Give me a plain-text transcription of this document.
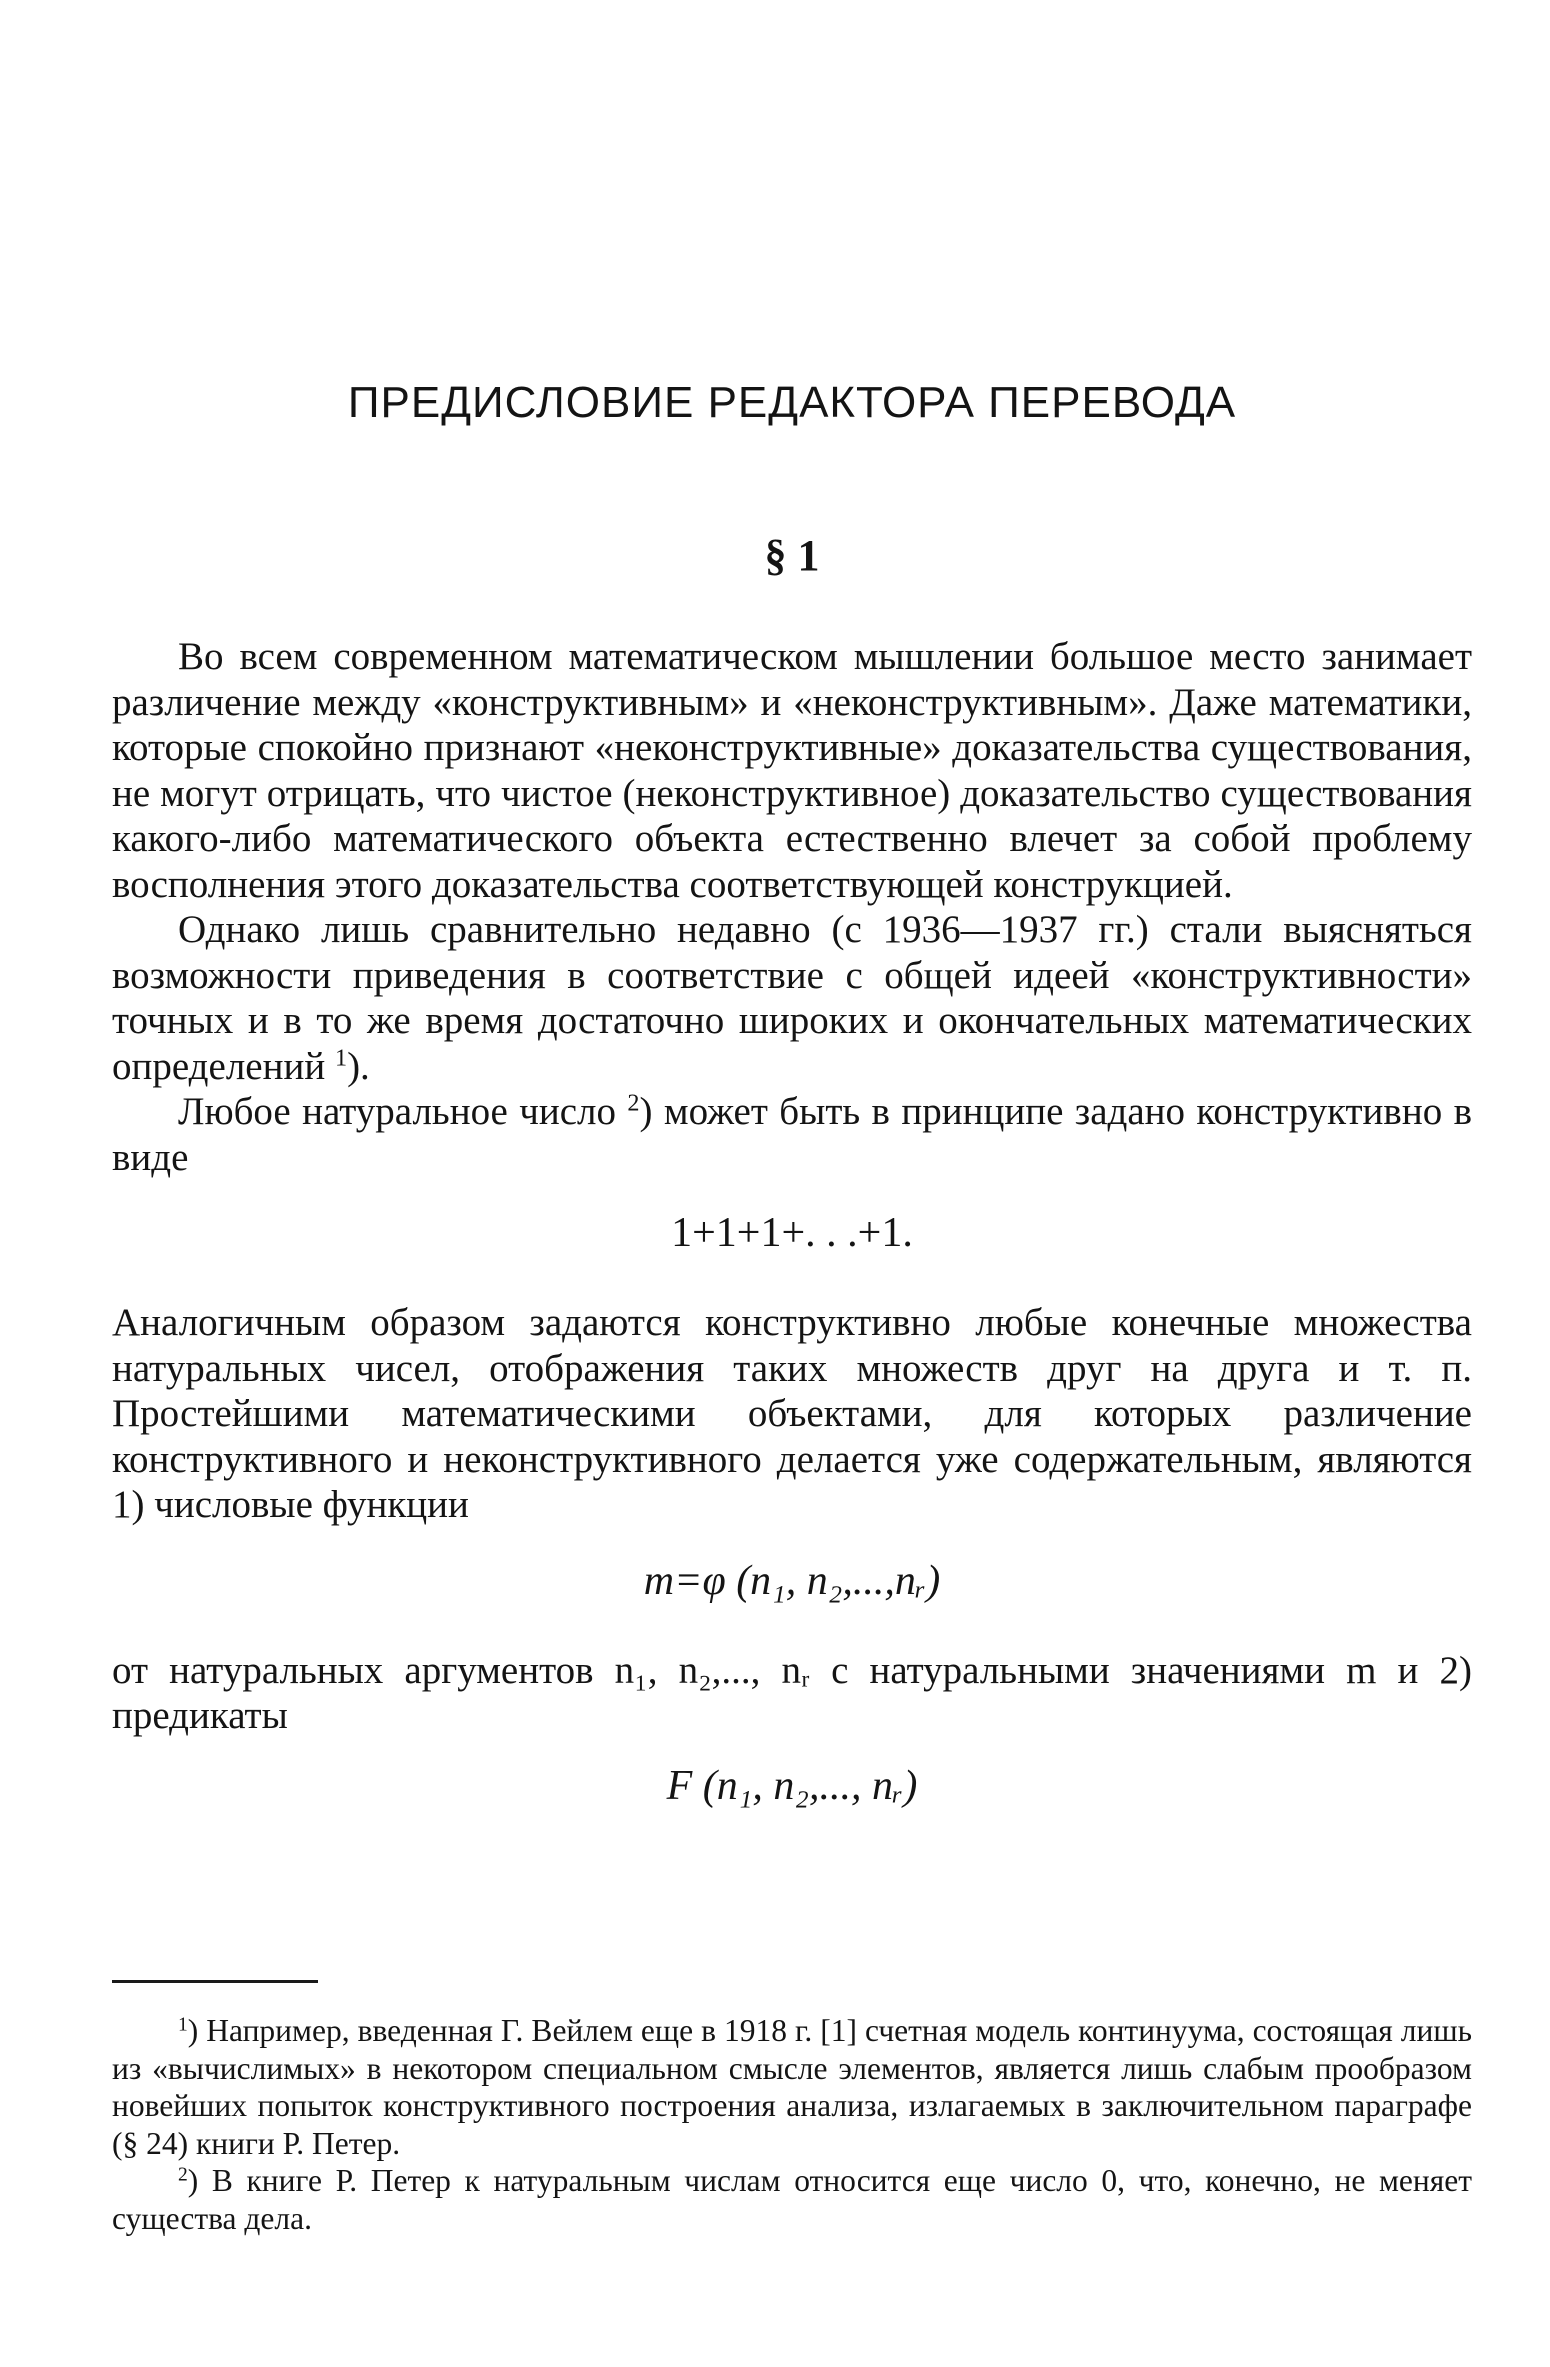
ПРЕДИСЛОВИЕ РЕДАКТОРА ПЕРЕВОДА
§ 1

Во всем современном математическом мышлении большое место занимает различение между «конструктивным» и «неконструктивным». Даже математики, которые спокойно признают «неконструктивные» доказательства существования, не могут отрицать, что чистое (неконструктивное) доказательство существования какого-либо математического объекта естественно влечет за собой проблему восполнения этого доказательства соответствующей конструкцией.

Однако лишь сравнительно недавно (с 1936—1937 гг.) стали выясняться возможности приведения в соответствие с общей идеей «конструктивности» точных и в то же время достаточно широких и окончательных математических определений $^1$).

Любое натуральное число $^2$) может быть в принципе задано конструктивно в виде

1+1+1+. . .+1.

Аналогичным образом задаются конструктивно любые конечные множества натуральных чисел, отображения таких множеств друг на друга и т. п. Простейшими математическими объектами, для которых различение конструктивного и неконструктивного делается уже содержательным, являются 1) числовые функции

m=φ (n₁, n₂,...,nᵣ)

от натуральных аргументов n₁, n₂,..., nᵣ с натуральными значениями m и 2) предикаты

F (n₁, n₂,..., nᵣ)

$^1$) Например, введенная Г. Вейлем еще в 1918 г. [1] счетная модель континуума, состоящая лишь из «вычислимых» в некотором специальном смысле элементов, является лишь слабым прообразом новейших попыток конструктивного построения анализа, излагаемых в заключительном параграфе (§ 24) книги Р. Петер.

$^2$) В книге Р. Петер к натуральным числам относится еще число 0, что, конечно, не меняет существа дела.
